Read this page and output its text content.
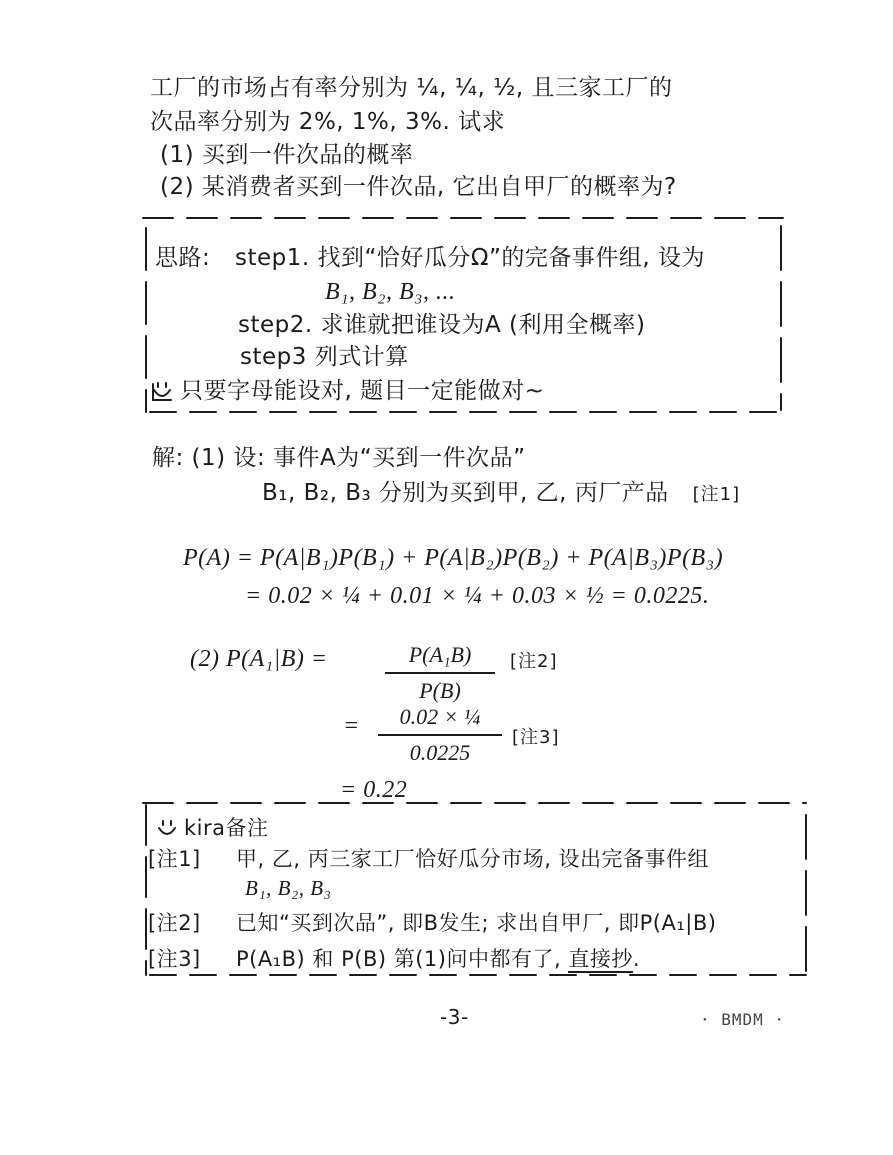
工厂的市场占有率分别为 ¼, ¼, ½, 且三家工厂的
次品率分别为 2%, 1%, 3%. 试求
(1) 买到一件次品的概率
(2) 某消费者买到一件次品, 它出自甲厂的概率为?
思路: step1. 找到“恰好瓜分Ω”的完备事件组, 设为
B₁, B₂, B₃, ...
step2. 求谁就把谁设为A (利用全概率)
step3 列式计算
只要字母能设对, 题目一定能做对~
解: (1) 设: 事件A为“买到一件次品”
B₁, B₂, B₃ 分别为买到甲, 乙, 丙厂产品 [注1]
P(A) = P(A|B₁)P(B₁) + P(A|B₂)P(B₂) + P(A|B₃)P(B₃)
= 0.02 × ¼ + 0.01 × ¼ + 0.03 × ½ = 0.0225.
(2) P(A₁|B) =	P(A₁B)
P(B)
[注2]
= 0.02 × ¼
0.0225
[注3]
= 0.22
kira备注
[注1] 甲, 乙, 丙三家工厂恰好瓜分市场, 设出完备事件组
B₁, B₂, B₃
[注2] 已知“买到次品”, 即B发生; 求出自甲厂, 即P(A₁|B)
[注3] P(A₁B) 和 P(B) 第(1)问中都有了, 直接抄.
-3-	· BMDM ·
